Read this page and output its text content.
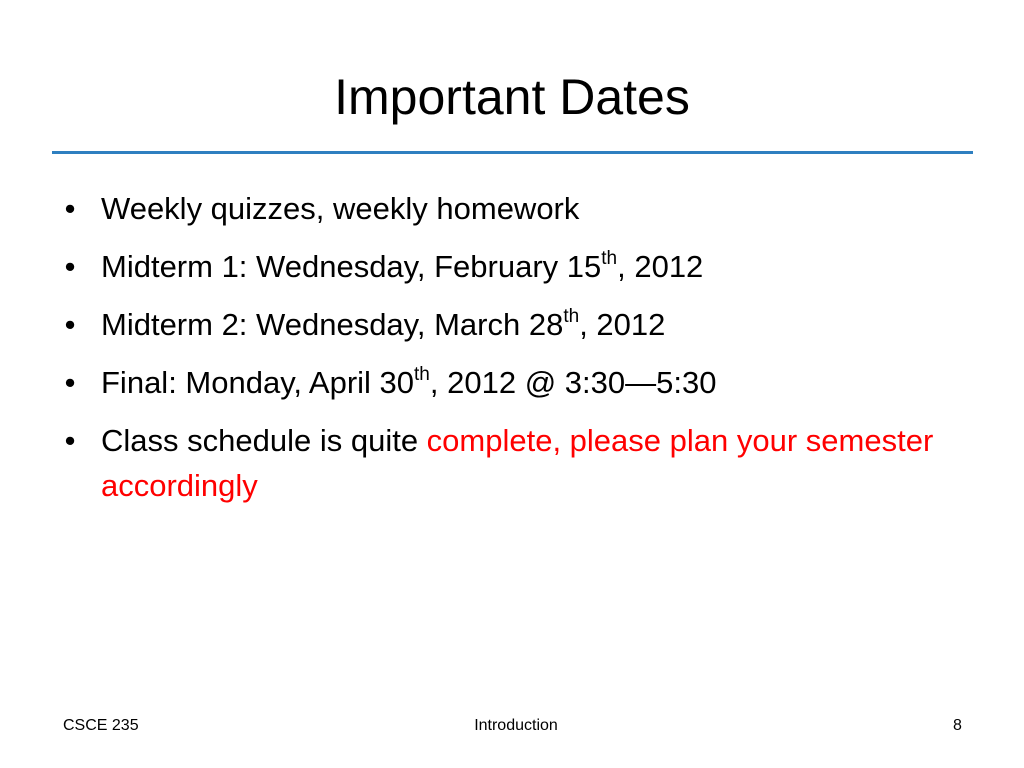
Important Dates
• Weekly quizzes, weekly homework
• Midterm 1: Wednesday, February 15th, 2012
• Midterm 2: Wednesday, March 28th, 2012
• Final: Monday, April 30th, 2012 @ 3:30—5:30
• Class schedule is quite complete, please plan your semester accordingly
CSCE 235	Introduction	8
